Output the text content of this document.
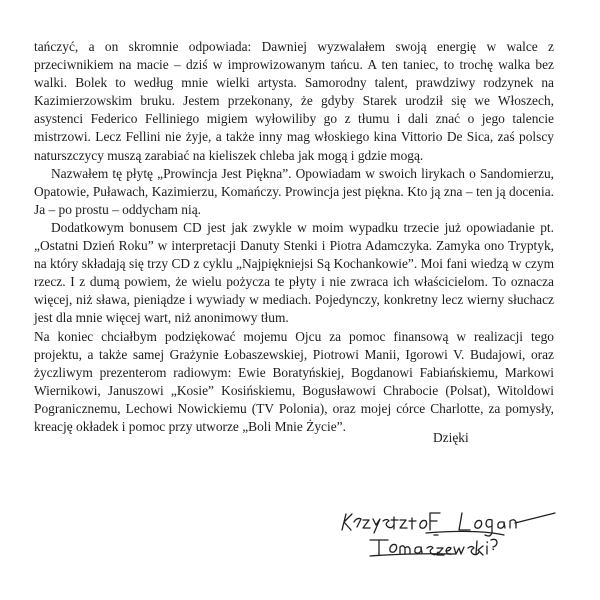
tańczyć, a on skromnie odpowiada: Dawniej wyzwalałem swoją energię w walce z przeciwnikiem na macie – dziś w improwizowanym tańcu. A ten taniec, to trochę walka bez walki. Bolek to według mnie wielki artysta. Samorodny talent, prawdziwy rodzynek na Kazimierzowskim bruku. Jestem przekonany, że gdyby Starek urodził się we Włoszech, asystenci Federico Felliniego migiem wyłowiliby go z tłumu i dali znać o jego talencie mistrzowi. Lecz Fellini nie żyje, a także inny mag włoskiego kina Vittorio De Sica, zaś polscy naturszczycy muszą zarabiać na kieliszek chleba jak mogą i gdzie mogą.

Nazwałem tę płytę „Prowincja Jest Piękna”. Opowiadam w swoich lirykach o Sandomierzu, Opatowie, Puławach, Kazimierzu, Komańczy. Prowincja jest piękna. Kto ją zna – ten ją docenia. Ja – po prostu – oddycham nią.

Dodatkowym bonusem CD jest jak zwykle w moim wypadku trzecie już opowiadanie pt. „Ostatni Dzień Roku” w interpretacji Danuty Stenki i Piotra Adamczyka. Zamyka ono Tryptyk, na który składają się trzy CD z cyklu „Najpiękniejsi Są Kochankowie”. Moi fani wiedzą w czym rzecz. I z dumą powiem, że wielu pożycza te płyty i nie zwraca ich właścicielom. To oznacza więcej, niż sława, pieniądze i wywiady w mediach. Pojedynczy, konkretny lecz wierny słuchacz jest dla mnie więcej wart, niż anonimowy tłum.

Na koniec chciałbym podziękować mojemu Ojcu za pomoc finansową w realizacji tego projektu, a także samej Grażynie Łobaszewskiej, Piotrowi Manii, Igorowi V. Budajowi, oraz życzliwym prezenterom radiowym: Ewie Boratyńskiej, Bogdanowi Fabiańskiemu, Markowi Wiernikowi, Januszowi „Kosie” Kosińskiemu, Bogusławowi Chrabocie (Polsat), Witoldowi Pogranicznemu, Lechowi Nowickiemu (TV Polonia), oraz mojej córce Charlotte, za pomysły, kreację okładek i pomoc przy utworze „Boli Mnie Życie”.

Dzięki
